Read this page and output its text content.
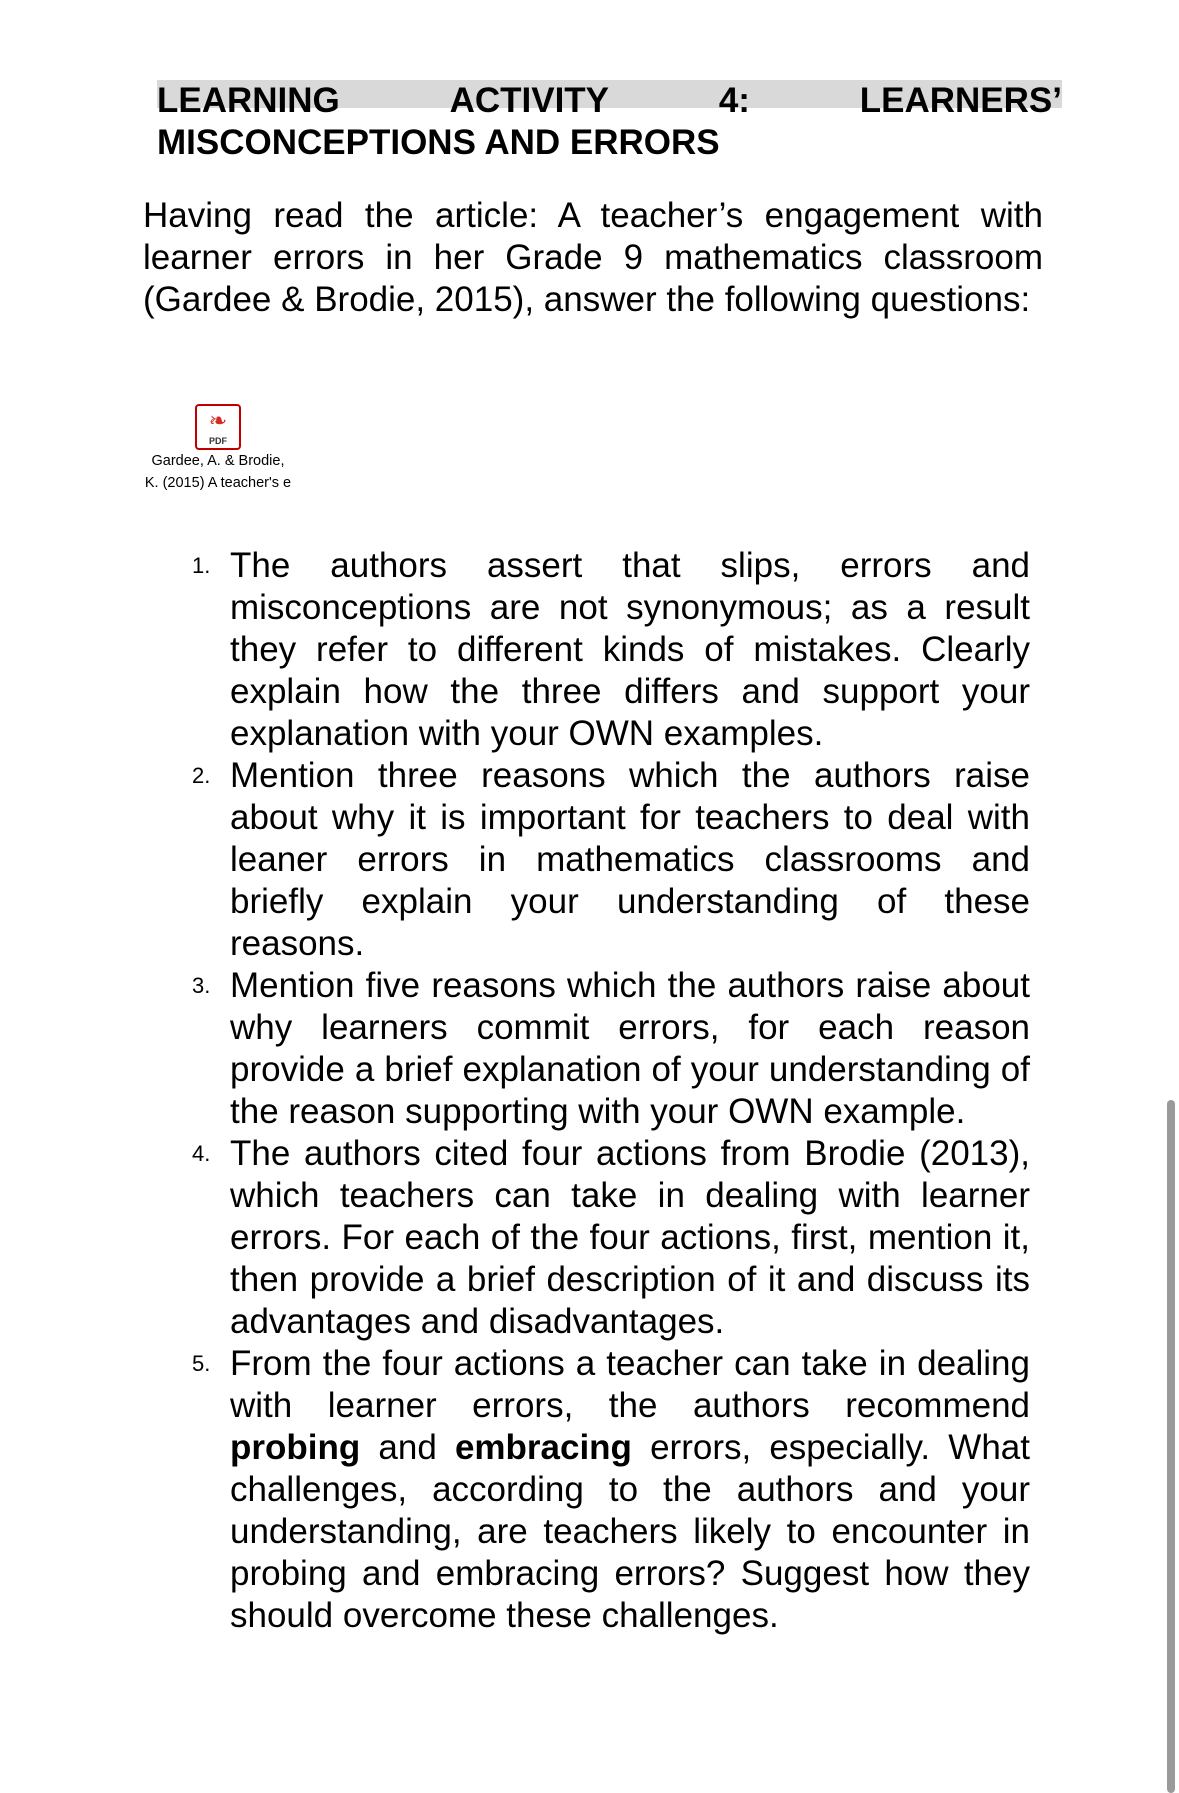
LEARNING	ACTIVITY	4:	LEARNERS’
MISCONCEPTIONS AND ERRORS

Having read the article: A teacher’s engagement with learner errors in her Grade 9 mathematics classroom (Gardee & Brodie, 2015), answer the following questions:

❧
PDF
Gardee, A. & Brodie,
K. (2015) A teacher's e
1. The authors assert that slips, errors and misconceptions are not synonymous; as a result they refer to different kinds of mistakes. Clearly explain how the three differs and support your explanation with your OWN examples.
2. Mention three reasons which the authors raise about why it is important for teachers to deal with leaner errors in mathematics classrooms and briefly explain your understanding of these reasons.
3. Mention five reasons which the authors raise about why learners commit errors, for each reason provide a brief explanation of your understanding of the reason supporting with your OWN example.
4. The authors cited four actions from Brodie (2013), which teachers can take in dealing with learner errors. For each of the four actions, first, mention it, then provide a brief description of it and discuss its advantages and disadvantages.
5. From the four actions a teacher can take in dealing with learner errors, the authors recommend probing and embracing errors, especially. What challenges, according to the authors and your understanding, are teachers likely to encounter in probing and embracing errors? Suggest how they should overcome these challenges.
